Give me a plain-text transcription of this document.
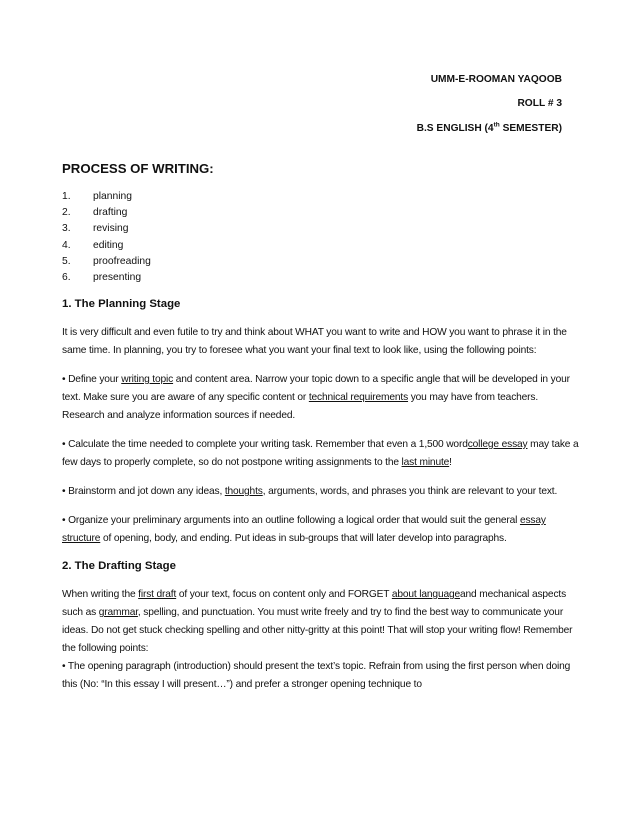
UMM-E-ROOMAN YAQOOB
ROLL # 3
B.S ENGLISH (4th SEMESTER)
PROCESS OF WRITING:
1. planning
2. drafting
3. revising
4. editing
5. proofreading
6. presenting
1. The Planning Stage

It is very difficult and even futile to try and think about WHAT you want to write and HOW you want to phrase it in the same time. In planning, you try to foresee what you want your final text to look like, using the following points:

• Define your writing topic and content area. Narrow your topic down to a specific angle that will be developed in your text. Make sure you are aware of any specific content or technical requirements you may have from teachers. Research and analyze information sources if needed.

• Calculate the time needed to complete your writing task. Remember that even a 1,500 wordcollege essay may take a few days to properly complete, so do not postpone writing assignments to the last minute!

• Brainstorm and jot down any ideas, thoughts, arguments, words, and phrases you think are relevant to your text.

• Organize your preliminary arguments into an outline following a logical order that would suit the general essay structure of opening, body, and ending. Put ideas in sub-groups that will later develop into paragraphs.

2. The Drafting Stage

When writing the first draft of your text, focus on content only and FORGET about languageand mechanical aspects such as grammar, spelling, and punctuation. You must write freely and try to find the best way to communicate your ideas. Do not get stuck checking spelling and other nitty-gritty at this point! That will stop your writing flow! Remember the following points:

• The opening paragraph (introduction) should present the text’s topic. Refrain from using the first person when doing this (No: “In this essay I will present…”) and prefer a stronger opening technique to
